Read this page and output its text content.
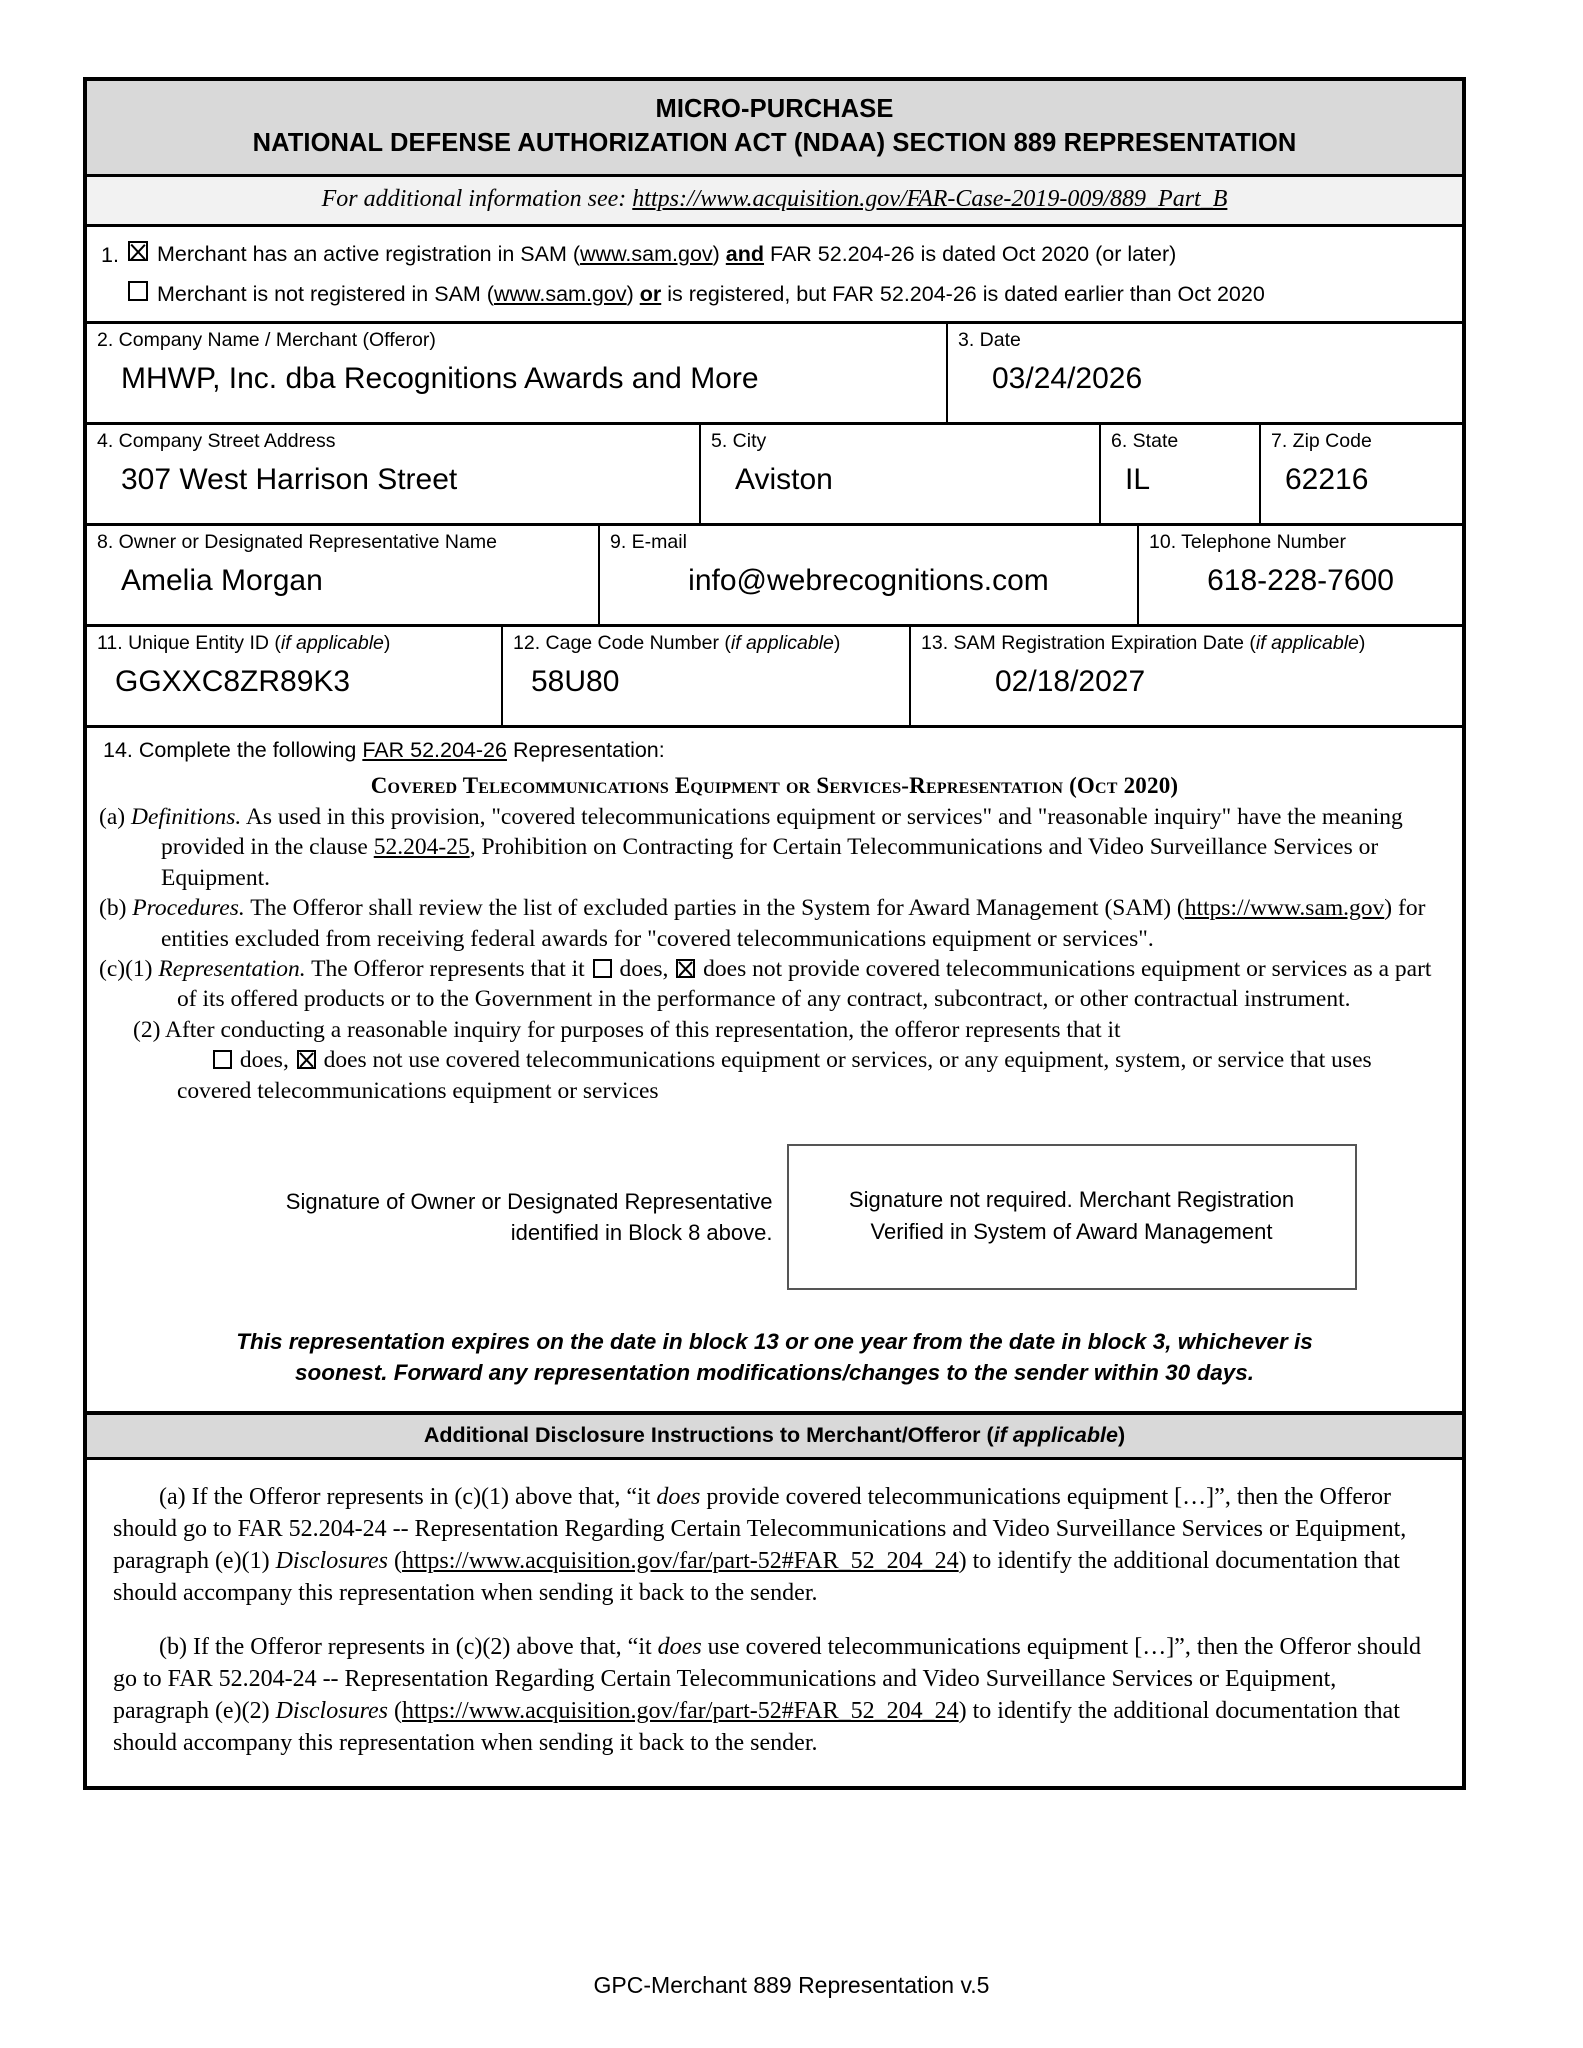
MICRO-PURCHASE
NATIONAL DEFENSE AUTHORIZATION ACT (NDAA) SECTION 889 REPRESENTATION
For additional information see: https://www.acquisition.gov/FAR-Case-2019-009/889_Part_B
1.	Merchant has an active registration in SAM (www.sam.gov) and FAR 52.204-26 is dated Oct 2020 (or later)
Merchant is not registered in SAM (www.sam.gov) or is registered, but FAR 52.204-26 is dated earlier than Oct 2020
2. Company Name / Merchant (Offeror)
MHWP, Inc. dba Recognitions Awards and More
3. Date
03/24/2026
4. Company Street Address
307 West Harrison Street
5. City
Aviston
6. State
IL
7. Zip Code
62216
8. Owner or Designated Representative Name
Amelia Morgan
9. E-mail
info@webrecognitions.com
10. Telephone Number
618-228-7600
11. Unique Entity ID (if applicable)
GGXXC8ZR89K3
12. Cage Code Number (if applicable)
58U80
13. SAM Registration Expiration Date (if applicable)
02/18/2027
14. Complete the following FAR 52.204-26 Representation:
Covered Telecommunications Equipment or Services-Representation (Oct 2020)

(a) Definitions. As used in this provision, "covered telecommunications equipment or services" and "reasonable inquiry" have the meaning provided in the clause 52.204-25, Prohibition on Contracting for Certain Telecommunications and Video Surveillance Services or Equipment.

(b) Procedures. The Offeror shall review the list of excluded parties in the System for Award Management (SAM) (https://www.sam.gov) for entities excluded from receiving federal awards for "covered telecommunications equipment or services".

(c)(1) Representation. The Offeror represents that it  does,  does not provide covered telecommunications equipment or services as a part of its offered products or to the Government in the performance of any contract, subcontract, or other contractual instrument.

(2) After conducting a reasonable inquiry for purposes of this representation, the offeror represents that it
does,  does not use covered telecommunications equipment or services, or any equipment, system, or service that uses covered telecommunications equipment or services

Signature of Owner or Designated Representative
identified in Block 8 above.
Signature not required. Merchant Registration
Verified in System of Award Management
This representation expires on the date in block 13 or one year from the date in block 3, whichever is
soonest. Forward any representation modifications/changes to the sender within 30 days.
Additional Disclosure Instructions to Merchant/Offeror (if applicable)

(a) If the Offeror represents in (c)(1) above that, “it does provide covered telecommunications equipment […]”, then the Offeror should go to FAR 52.204-24 -- Representation Regarding Certain Telecommunications and Video Surveillance Services or Equipment, paragraph (e)(1) Disclosures (https://www.acquisition.gov/far/part-52#FAR_52_204_24) to identify the additional documentation that should accompany this representation when sending it back to the sender.

(b) If the Offeror represents in (c)(2) above that, “it does use covered telecommunications equipment […]”, then the Offeror should go to FAR 52.204-24 -- Representation Regarding Certain Telecommunications and Video Surveillance Services or Equipment, paragraph (e)(2) Disclosures (https://www.acquisition.gov/far/part-52#FAR_52_204_24) to identify the additional documentation that should accompany this representation when sending it back to the sender.

GPC-Merchant 889 Representation v.5
